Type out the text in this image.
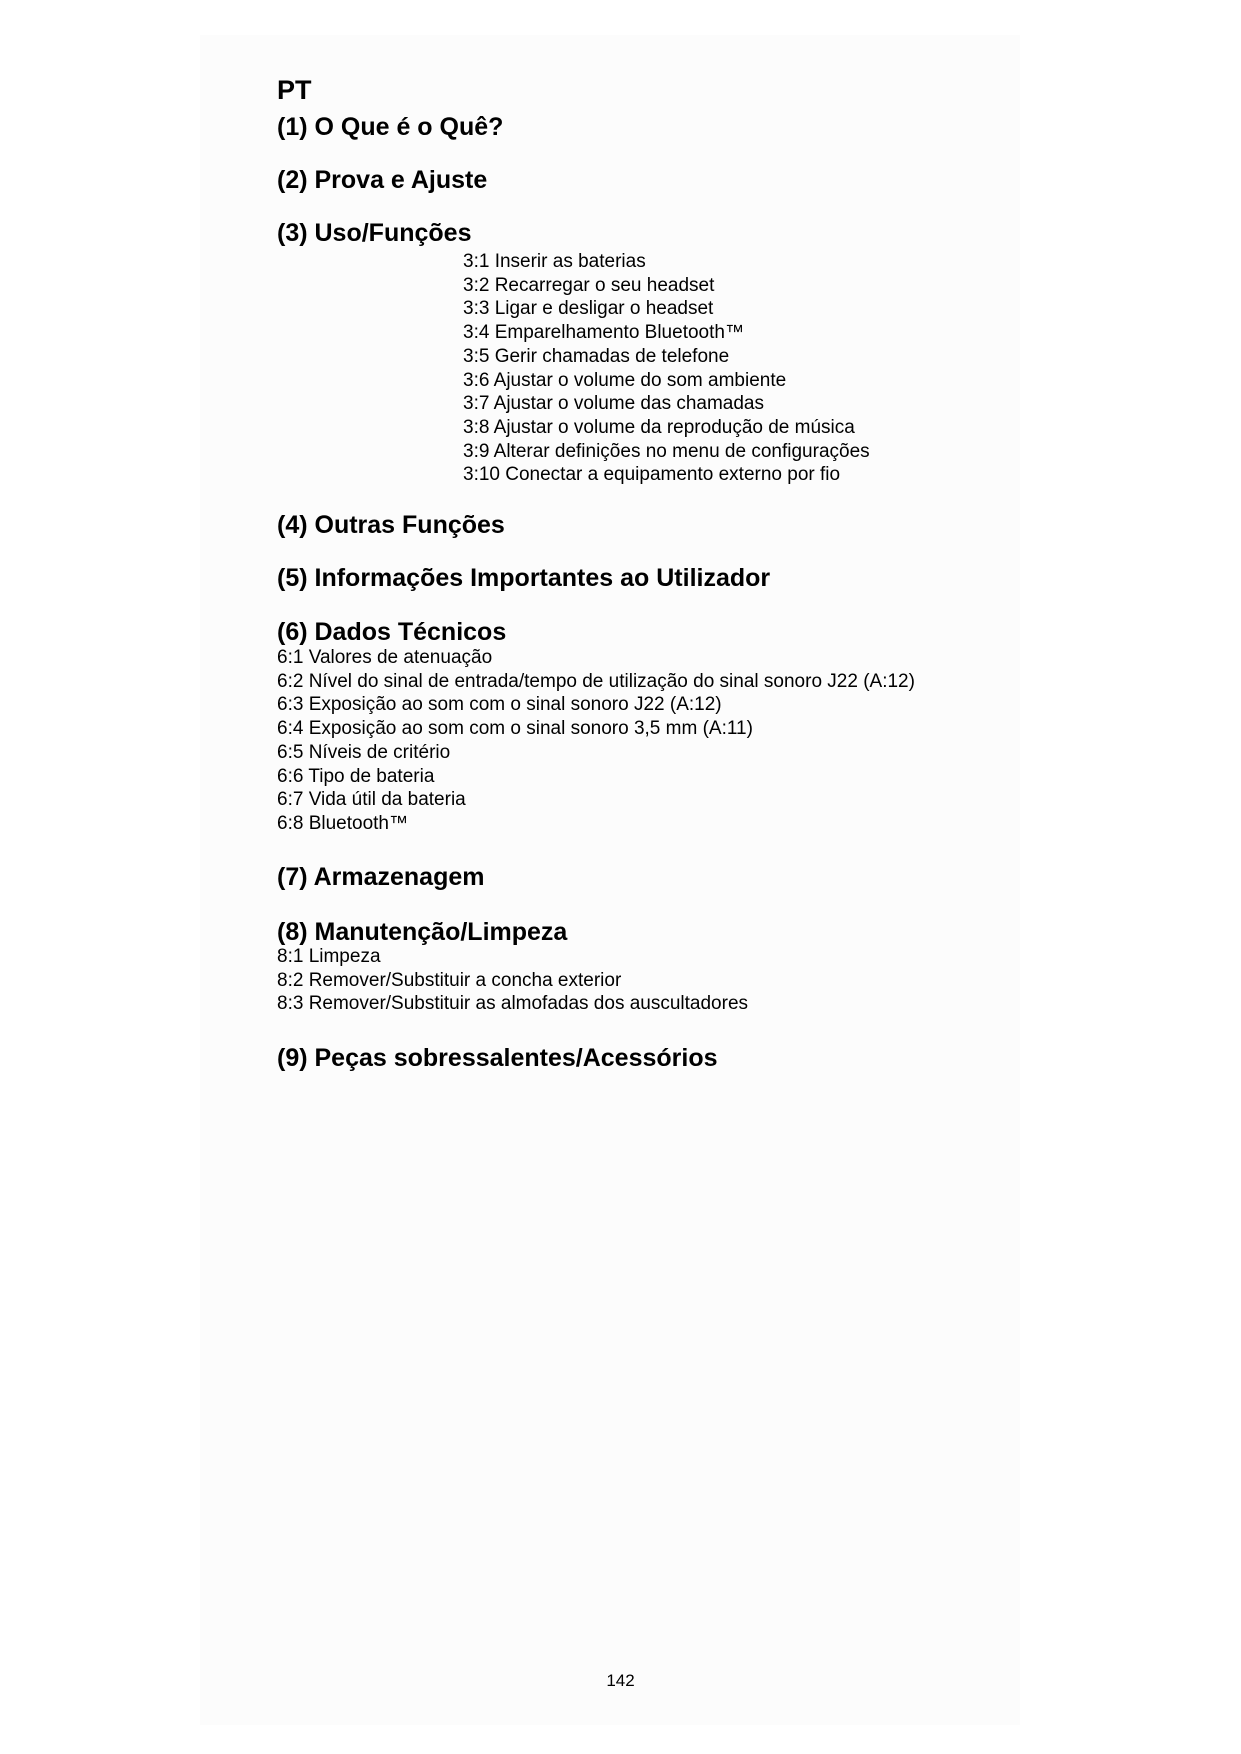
PT
(1) O Que é o Quê?
(2) Prova e Ajuste
(3) Uso/Funções
3:1 Inserir as baterias
3:2 Recarregar o seu headset
3:3 Ligar e desligar o headset
3:4 Emparelhamento Bluetooth™
3:5 Gerir chamadas de telefone
3:6 Ajustar o volume do som ambiente
3:7 Ajustar o volume das chamadas
3:8 Ajustar o volume da reprodução de música
3:9 Alterar definições no menu de configurações
3:10 Conectar a equipamento externo por fio
(4) Outras Funções
(5) Informações Importantes ao Utilizador
(6) Dados Técnicos
6:1 Valores de atenuação
6:2 Nível do sinal de entrada/tempo de utilização do sinal sonoro J22 (A:12)
6:3 Exposição ao som com o sinal sonoro J22 (A:12)
6:4 Exposição ao som com o sinal sonoro 3,5 mm (A:11)
6:5 Níveis de critério
6:6 Tipo de bateria
6:7 Vida útil da bateria
6:8 Bluetooth™
(7) Armazenagem
(8) Manutenção/Limpeza
8:1 Limpeza
8:2 Remover/Substituir a concha exterior
8:3 Remover/Substituir as almofadas dos auscultadores
(9) Peças sobressalentes/Acessórios
142
